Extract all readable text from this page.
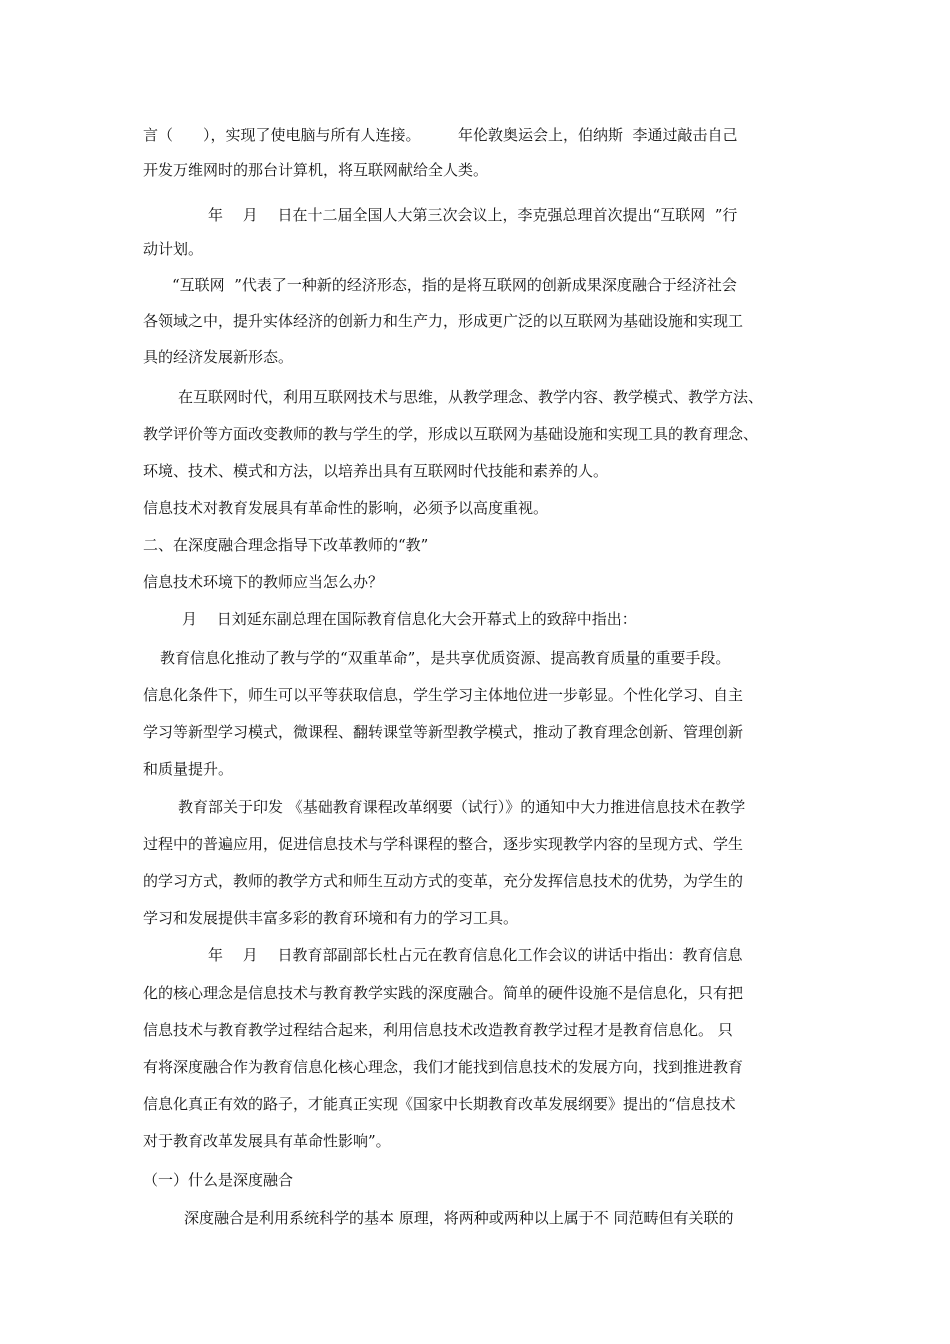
言（　　），实现了使电脑与所有人连接。　　　年伦敦奥运会上，伯纳斯  李通过敲击自己
开发万维网时的那台计算机，将互联网献给全人类。
年　 月　 日在十二届全国人大第三次会议上，李克强总理首次提出“互联网  ”行
动计划。
“互联网  ”代表了一种新的经济形态，指的是将互联网的创新成果深度融合于经济社会
各领域之中，提升实体经济的创新力和生产力，形成更广泛的以互联网为基础设施和实现工
具的经济发展新形态。
在互联网时代，利用互联网技术与思维，从教学理念、教学内容、教学模式、教学方法、
教学评价等方面改变教师的教与学生的学，形成以互联网为基础设施和实现工具的教育理念、
环境、技术、模式和方法，以培养出具有互联网时代技能和素养的人。
信息技术对教育发展具有革命性的影响，必须予以高度重视。
二、在深度融合理念指导下改革教师的“教”
信息技术环境下的教师应当怎么办？
月　 日刘延东副总理在国际教育信息化大会开幕式上的致辞中指出：
教育信息化推动了教与学的“双重革命”，是共享优质资源、提高教育质量的重要手段。
信息化条件下，师生可以平等获取信息，学生学习主体地位进一步彰显。个性化学习、自主
学习等新型学习模式，微课程、翻转课堂等新型教学模式，推动了教育理念创新、管理创新
和质量提升。
教育部关于印发 《基础教育课程改革纲要（试行）》的通知中大力推进信息技术在教学
过程中的普遍应用，促进信息技术与学科课程的整合，逐步实现教学内容的呈现方式、学生
的学习方式，教师的教学方式和师生互动方式的变革，充分发挥信息技术的优势，为学生的
学习和发展提供丰富多彩的教育环境和有力的学习工具。
年　 月　 日教育部副部长杜占元在教育信息化工作会议的讲话中指出：教育信息
化的核心理念是信息技术与教育教学实践的深度融合。简单的硬件设施不是信息化，只有把
信息技术与教育教学过程结合起来，利用信息技术改造教育教学过程才是教育信息化。 只
有将深度融合作为教育信息化核心理念，我们才能找到信息技术的发展方向，找到推进教育
信息化真正有效的路子，才能真正实现《国家中长期教育改革发展纲要》提出的“信息技术
对于教育改革发展具有革命性影响”。
（一）什么是深度融合
深度融合是利用系统科学的基本 原理，将两种或两种以上属于不 同范畴但有关联的
